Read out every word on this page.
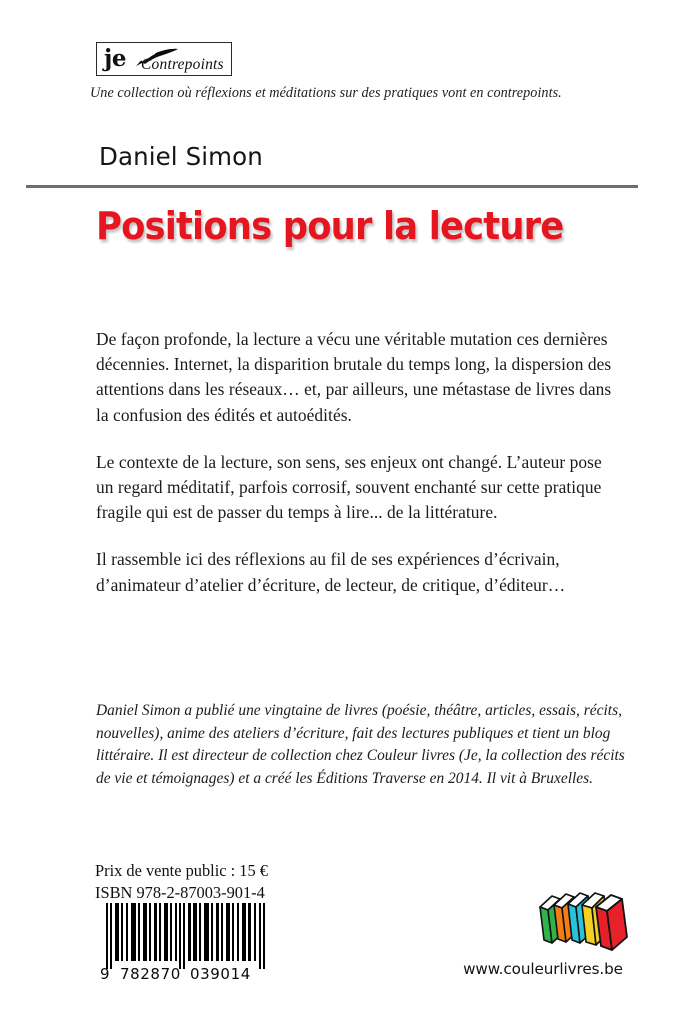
je Contrepoints
Une collection où réflexions et méditations sur des pratiques vont en contrepoints.
Daniel Simon
Positions pour la lecture

De façon profonde, la lecture a vécu une véritable mutation ces dernières décennies. Internet, la disparition brutale du temps long, la dispersion des attentions dans les réseaux… et, par ailleurs, une métastase de livres dans la confusion des édités et autoédités.

Le contexte de la lecture, son sens, ses enjeux ont changé. L’auteur pose un regard méditatif, parfois corrosif, souvent enchanté sur cette pratique fragile qui est de passer du temps à lire... de la littérature.

Il rassemble ici des réflexions au fil de ses expériences d’écrivain, d’animateur d’atelier d’écriture, de lecteur, de critique, d’éditeur…

Daniel Simon a publié une vingtaine de livres (poésie, théâtre, articles, essais, récits, nouvelles), anime des ateliers d’écriture, fait des lectures publiques et tient un blog littéraire. Il est directeur de collection chez Couleur livres (Je, la collection des récits de vie et témoignages) et a créé les Éditions Traverse en 2014. Il vit à Bruxelles.
Prix de vente public : 15 €
ISBN 978-2-87003-901-4
9 782870 039014	www.couleurlivres.be
